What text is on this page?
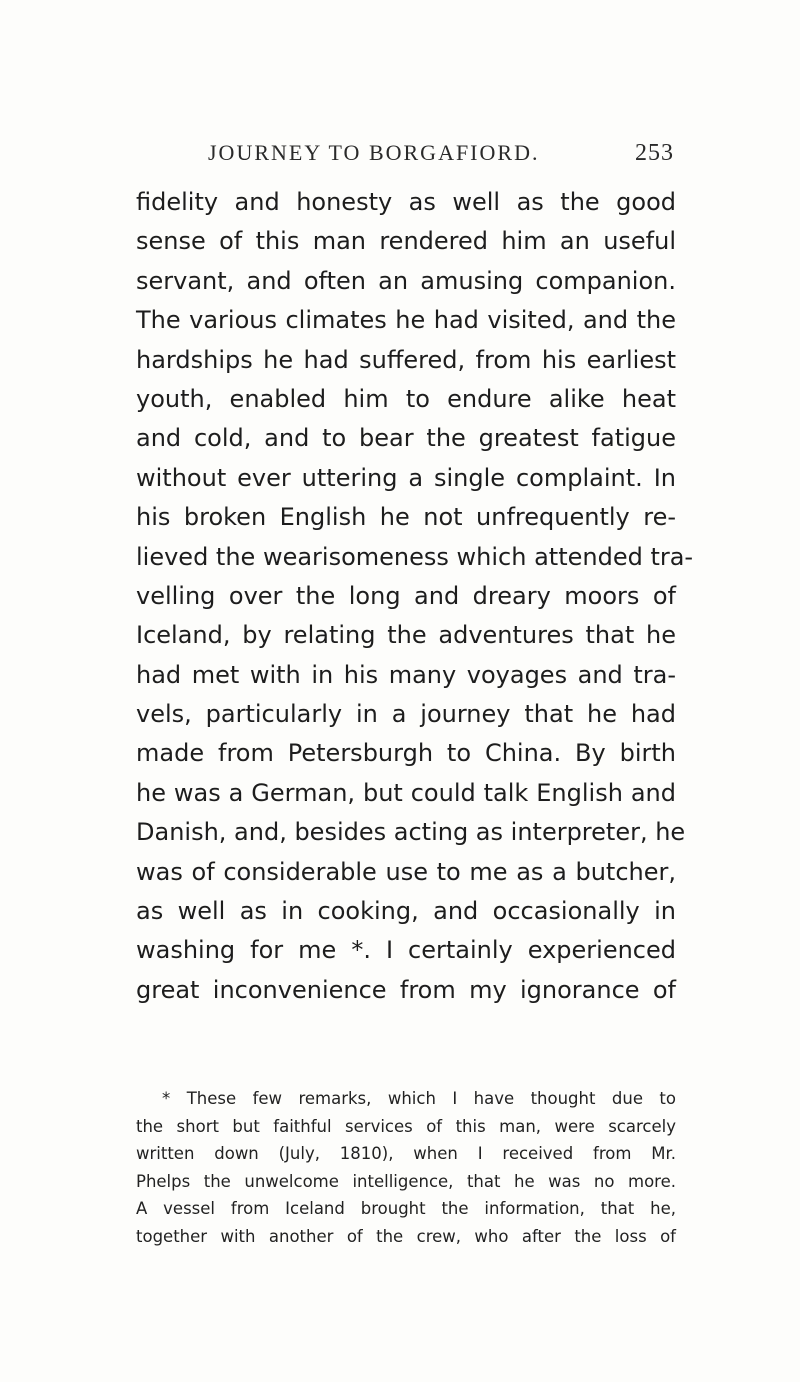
JOURNEY TO BORGAFIORD.	253
fidelity and honesty as well as the good
sense of this man rendered him an useful
servant, and often an amusing companion.
The various climates he had visited, and the
hardships he had suffered, from his earliest
youth, enabled him to endure alike heat
and cold, and to bear the greatest fatigue
without ever uttering a single complaint. In
his broken English he not unfrequently re-
lieved the wearisomeness which attended tra-
velling over the long and dreary moors of
Iceland, by relating the adventures that he
had met with in his many voyages and tra-
vels, particularly in a journey that he had
made from Petersburgh to China. By birth
he was a German, but could talk English and
Danish, and, besides acting as interpreter, he
was of considerable use to me as a butcher,
as well as in cooking, and occasionally in
washing for me *. I certainly experienced
great inconvenience from my ignorance of
* These few remarks, which I have thought due to
the short but faithful services of this man, were scarcely
written down (July, 1810), when I received from Mr.
Phelps the unwelcome intelligence, that he was no more.
A vessel from Iceland brought the information, that he,
together with another of the crew, who after the loss of
